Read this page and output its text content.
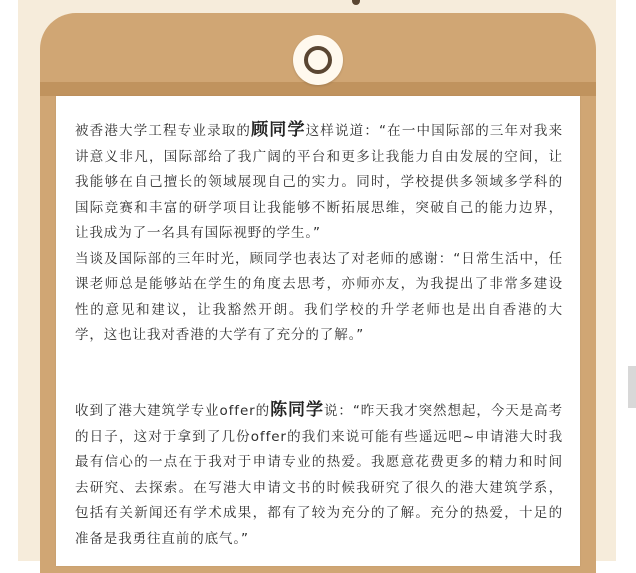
被香港大学工程专业录取的顾同学这样说道：“在一中国际部的三年对我来讲意义非凡，国际部给了我广阔的平台和更多让我能力自由发展的空间，让我能够在自己擅长的领域展现自己的实力。同时，学校提供多领域多学科的国际竞赛和丰富的研学项目让我能够不断拓展思维，突破自己的能力边界，让我成为了一名具有国际视野的学生。”

当谈及国际部的三年时光，顾同学也表达了对老师的感谢：“日常生活中，任课老师总是能够站在学生的角度去思考，亦师亦友，为我提出了非常多建设性的意见和建议，让我豁然开朗。我们学校的升学老师也是出自香港的大学，这也让我对香港的大学有了充分的了解。”

收到了港大建筑学专业offer的陈同学说：“昨天我才突然想起，今天是高考的日子，这对于拿到了几份offer的我们来说可能有些遥远吧~申请港大时我最有信心的一点在于我对于申请专业的热爱。我愿意花费更多的精力和时间去研究、去探索。在写港大申请文书的时候我研究了很久的港大建筑学系，包括有关新闻还有学术成果，都有了较为充分的了解。充分的热爱，十足的准备是我勇往直前的底气。”
